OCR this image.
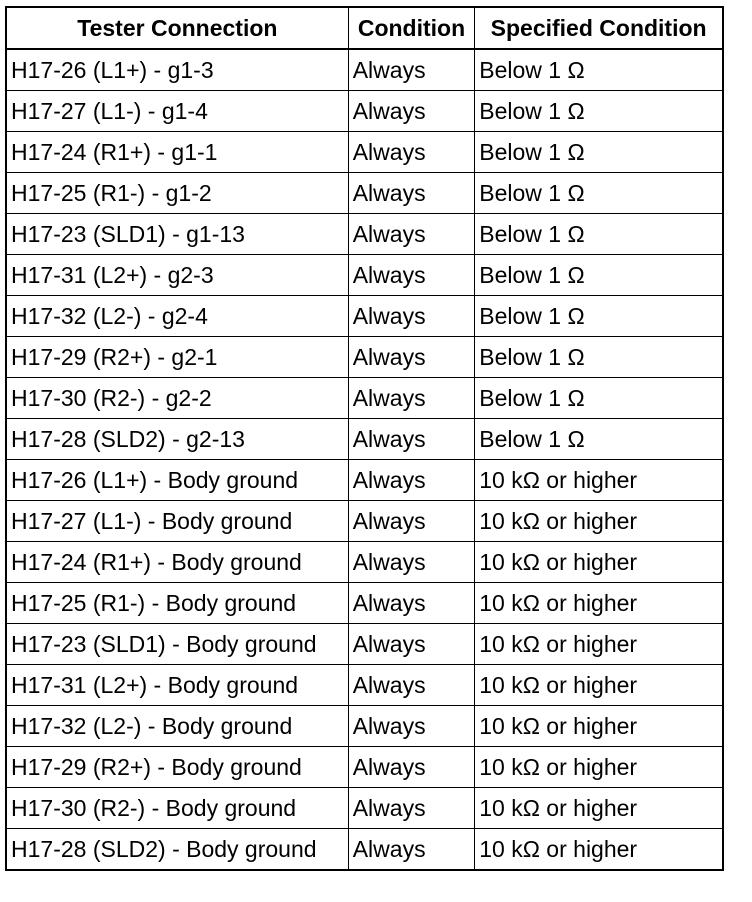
Tester Connection	Condition	Specified Condition
H17-26 (L1+) - g1-3	Always	Below 1 Ω
H17-27 (L1-) - g1-4	Always	Below 1 Ω
H17-24 (R1+) - g1-1	Always	Below 1 Ω
H17-25 (R1-) - g1-2	Always	Below 1 Ω
H17-23 (SLD1) - g1-13	Always	Below 1 Ω
H17-31 (L2+) - g2-3	Always	Below 1 Ω
H17-32 (L2-) - g2-4	Always	Below 1 Ω
H17-29 (R2+) - g2-1	Always	Below 1 Ω
H17-30 (R2-) - g2-2	Always	Below 1 Ω
H17-28 (SLD2) - g2-13	Always	Below 1 Ω
H17-26 (L1+) - Body ground	Always	10 kΩ or higher
H17-27 (L1-) - Body ground	Always	10 kΩ or higher
H17-24 (R1+) - Body ground	Always	10 kΩ or higher
H17-25 (R1-) - Body ground	Always	10 kΩ or higher
H17-23 (SLD1) - Body ground	Always	10 kΩ or higher
H17-31 (L2+) - Body ground	Always	10 kΩ or higher
H17-32 (L2-) - Body ground	Always	10 kΩ or higher
H17-29 (R2+) - Body ground	Always	10 kΩ or higher
H17-30 (R2-) - Body ground	Always	10 kΩ or higher
H17-28 (SLD2) - Body ground	Always	10 kΩ or higher
